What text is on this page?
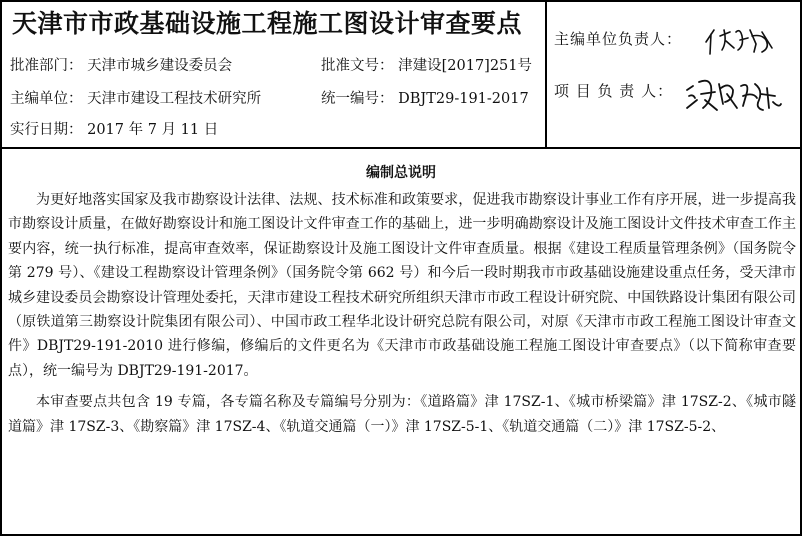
天津市市政基础设施工程施工图设计审查要点
批准部门： 天津市城乡建设委员会	批准文号： 津建设[2017]251号
主编单位： 天津市建设工程技术研究所	统一编号： DBJT29-191-2017
实行日期： 2017 年 7 月 11 日
主编单位负责人：
项 目 负 责 人：
编制总说明

为更好地落实国家及我市勘察设计法律、法规、技术标准和政策要求，促进我市勘察设计事业工作有序开展，进一步提高我市勘察设计质量，在做好勘察设计和施工图设计文件审查工作的基础上，进一步明确勘察设计及施工图设计文件技术审查工作主要内容，统一执行标准，提高审查效率，保证勘察设计及施工图设计文件审查质量。根据《建设工程质量管理条例》（国务院令第 279 号）、《建设工程勘察设计管理条例》（国务院令第 662 号）和今后一段时期我市市政基础设施建设重点任务，受天津市城乡建设委员会勘察设计管理处委托，天津市建设工程技术研究所组织天津市市政工程设计研究院、中国铁路设计集团有限公司（原铁道第三勘察设计院集团有限公司）、中国市政工程华北设计研究总院有限公司，对原《天津市市政工程施工图设计审查文件》DBJT29-191-2010 进行修编，修编后的文件更名为《天津市市政基础设施工程施工图设计审查要点》（以下简称审查要点），统一编号为 DBJT29-191-2017。

本审查要点共包含 19 专篇，各专篇名称及专篇编号分别为：《道路篇》津 17SZ-1、《城市桥梁篇》津 17SZ-2、《城市隧道篇》津 17SZ-3、《勘察篇》津 17SZ-4、《轨道交通篇（一）》津 17SZ-5-1、《轨道交通篇（二）》津 17SZ-5-2、
